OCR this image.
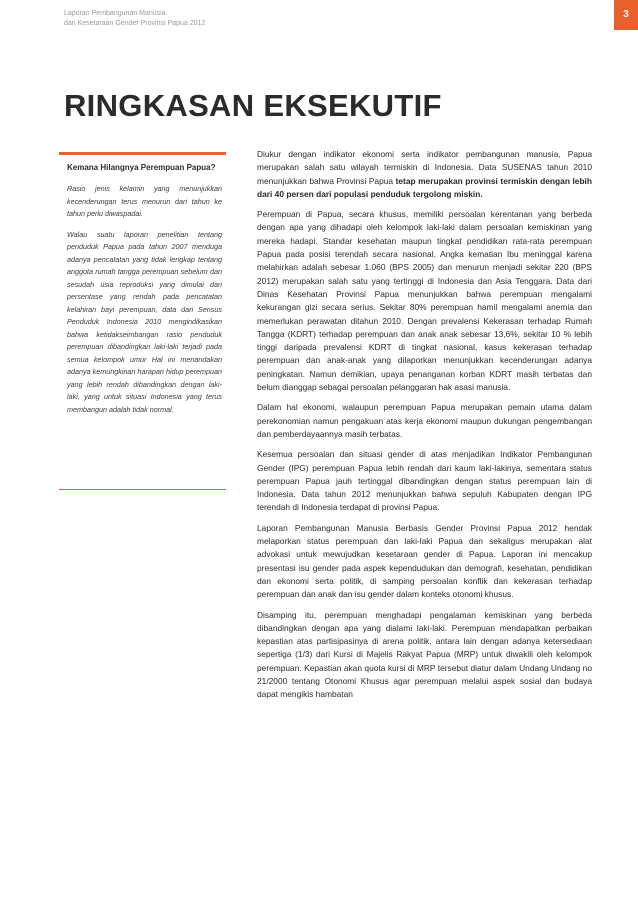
Laporan Pembangunan Manusia
dan Kesetaraan Gender Provinsi Papua 2012
3
RINGKASAN EKSEKUTIF
Kemana Hilangnya Perempuan Papua?

Rasio jenis kelamin yang menunjukkan kecenderungan terus menurun dari tahun ke tahun perlu diwaspadai.

Walau suatu laporan penelitian tentang penduduk Papua pada tahun 2007 menduga adanya pencatatan yang tidak lengkap tentang anggota rumah tangga perempuan sebelum dan sesudah usia reproduksi yang dimulai dari persentase yang rendah pada pencatatan kelahiran bayi perempuan, data dari Sensus Penduduk Indonesia 2010 mengindikasikan bahwa ketidakseimbangan rasio penduduk perempuan dibandingkan laki-laki terjadi pada semua kelompok umur Hal ini menandakan adanya kemungkinan harapan hidup perempuan yang lebih rendah dibandingkan dengan laki-laki, yang untuk situasi Indonesia yang terus membangun adalah tidak normal.

Diukur dengan indikator ekonomi serta indikator pembangunan manusia, Papua merupakan salah satu wilayah termiskin di Indonesia. Data SUSENAS tahun 2010 menunjukkan bahwa Provinsi Papua tetap merupakan provinsi termiskin dengan lebih dari 40 persen dari populasi penduduk tergolong miskin.

Perempuan di Papua, secara khusus, memiliki persoalan kerentanan yang berbeda dengan apa yang dihadapi oleh kelompok laki-laki dalam persoalan kemiskinan yang mereka hadapi. Standar kesehatan maupun tingkat pendidikan rata-rata perempuan Papua pada posisi terendah secara nasional. Angka kematian Ibu meninggal karena melahirkan adalah sebesar 1.060 (BPS 2005) dan menurun menjadi sekitar 220 (BPS 2012) merupakan salah satu yang tertinggi di Indonesia dan Asia Tenggara. Data dari Dinas Kesehatan Provinsi Papua menunjukkan bahwa perempuan mengalami kekurangan gizi secara serius. Sekitar 80% perempuan hamil mengalami anemia dan memerlukan perawatan ditahun 2010. Dengan prevalensi Kekerasan terhadap Rumah Tangga (KDRT) terhadap perempuan dan anak anak sebesar 13,6%, sekitar 10 % lebih tinggi daripada prevalensi KDRT di tingkat nasional, kasus kekerasan terhadap perempuan dan anak-anak yang dilaporkan menunjukkan kecenderungan adanya peningkatan. Namun demikian, upaya penanganan korban KDRT masih terbatas dan belum dianggap sebagai persoalan pelanggaran hak asasi manusia.

Dalam hal ekonomi, walaupun perempuan Papua merupakan pemain utama dalam perekonomian namun pengakuan atas kerja ekonomi maupun dukungan pengembangan dan pemberdayaannya masih terbatas.

Kesemua persoalan dan situasi gender di atas menjadikan Indikator Pembangunan Gender (IPG) perempuan Papua lebih rendah dari kaum laki-lakinya, sementara status perempuan Papua jauh tertinggal dibandingkan dengan status perempuan lain di Indonesia. Data tahun 2012 menunjukkan bahwa sepuluh Kabupaten dengan IPG terendah di Indonesia terdapat di provinsi Papua.

Laporan Pembangunan Manusia Berbasis Gender Provinsi Papua 2012 hendak melaporkan status perempuan dan laki-laki Papua dan sekaligus merupakan alat advokasi untuk mewujudkan kesetaraan gender di Papua. Laporan ini mencakup presentasi isu gender pada aspek kependudukan dan demografi, kesehatan, pendidikan dan ekonomi serta politik, di samping persoalan konflik dan kekerasan terhadap perempuan dan anak dan isu gender dalam konteks otonomi khusus.

Disamping itu, perempuan menghadapi pengalaman kemiskinan yang berbeda dibandingkan dengan apa yang dialami laki-laki. Perempuan mendapatkan perbaikan kepastian atas partisipasinya di arena politik, antara lain dengan adanya ketersediaan sepertiga (1/3) dari Kursi di Majelis Rakyat Papua (MRP) untuk diwakili oleh kelompok perempuan. Kepastian akan quota kursi di MRP tersebut diatur dalam Undang Undang no 21/2000 tentang Otonomi Khusus agar perempuan melalui aspek sosial dan budaya dapat mengikis hambatan
